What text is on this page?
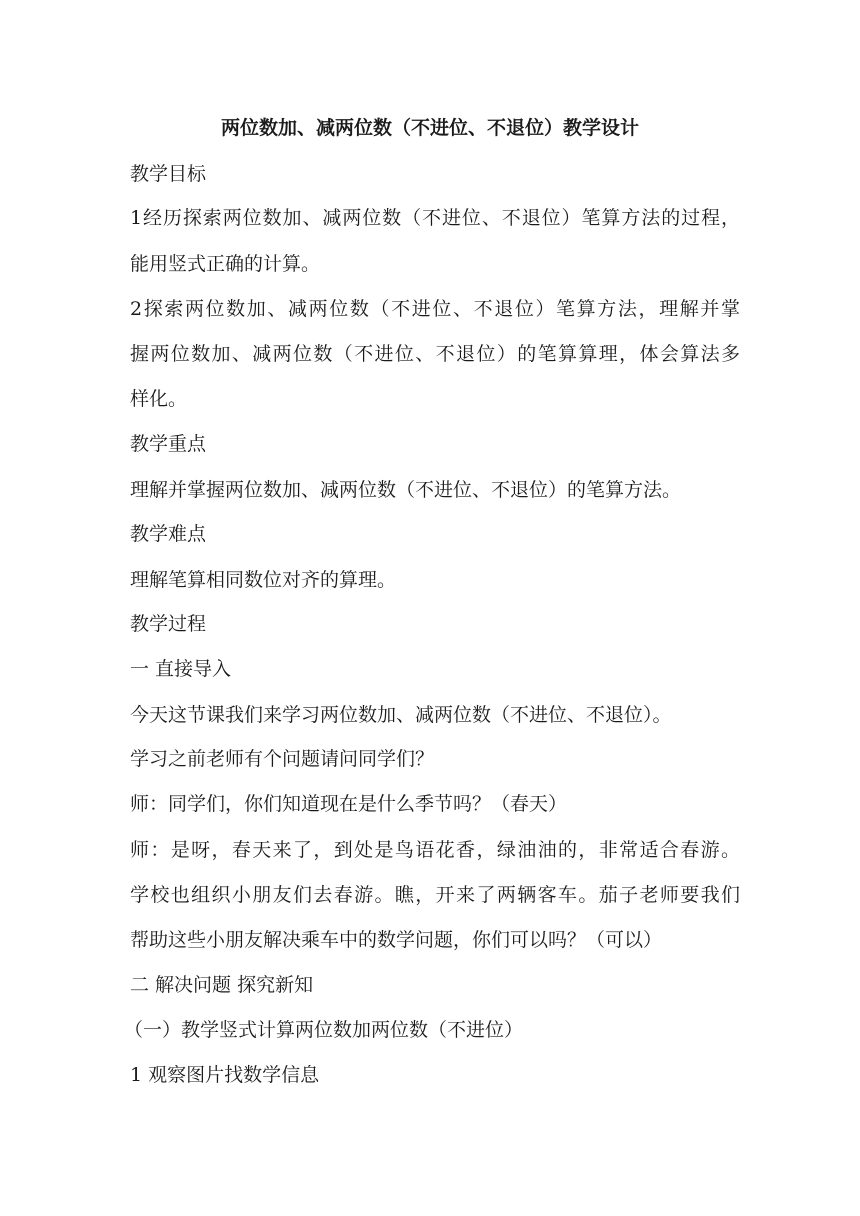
两位数加、减两位数（不进位、不退位）教学设计
教学目标
1经历探索两位数加、减两位数（不进位、不退位）笔算方法的过程，
能用竖式正确的计算。
2探索两位数加、减两位数（不进位、不退位）笔算方法，理解并掌
握两位数加、减两位数（不进位、不退位）的笔算算理，体会算法多
样化。
教学重点
理解并掌握两位数加、减两位数（不进位、不退位）的笔算方法。
教学难点
理解笔算相同数位对齐的算理。
教学过程
一 直接导入
今天这节课我们来学习两位数加、减两位数（不进位、不退位）。
学习之前老师有个问题请问同学们？
师：同学们，你们知道现在是什么季节吗？（春天）
师：是呀，春天来了，到处是鸟语花香，绿油油的，非常适合春游。
学校也组织小朋友们去春游。瞧，开来了两辆客车。茄子老师要我们
帮助这些小朋友解决乘车中的数学问题，你们可以吗？（可以）
二 解决问题 探究新知
（一）教学竖式计算两位数加两位数（不进位）
1 观察图片找数学信息
